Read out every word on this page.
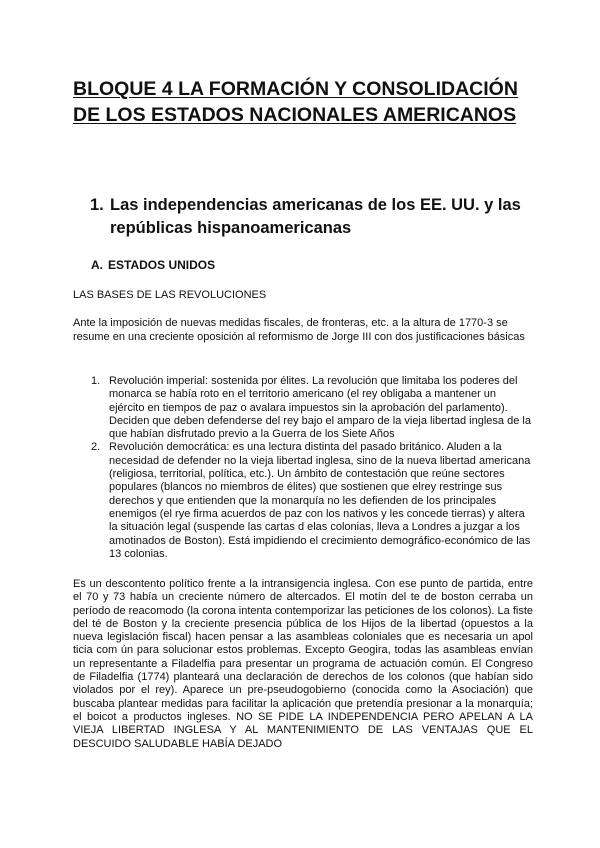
BLOQUE 4 LA FORMACIÓN Y CONSOLIDACIÓN DE LOS ESTADOS NACIONALES AMERICANOS
1. Las independencias americanas de los EE. UU. y las repúblicas hispanoamericanas
A. ESTADOS UNIDOS
LAS BASES DE LAS REVOLUCIONES

Ante la imposición de nuevas medidas fiscales, de fronteras, etc. a la altura de 1770-3 se resume en una creciente oposición al reformismo de Jorge III con dos justificaciones básicas

1. Revolución imperial: sostenida por élites. La revolución que limitaba los poderes del monarca se había roto en el territorio americano (el rey obligaba a mantener un ejército en tiempos de paz o avalara impuestos sin la aprobación del parlamento). Deciden que deben defenderse del rey bajo el amparo de la vieja libertad inglesa de la que habían disfrutado previo a la Guerra de los Siete Años
2. Revolución democrática: es una lectura distinta del pasado británico. Aluden a la necesidad de defender no la vieja libertad inglesa, sino de la nueva libertad americana (religiosa, territorial, política, etc.). Un ámbito de contestación que reúne sectores populares (blancos no miembros de élites) que sostienen que elrey restringe sus derechos y que entienden que la monarquía no les defienden de los principales enemigos (el rye firma acuerdos de paz con los nativos y les concede tierras) y altera la situación legal (suspende las cartas d elas colonias, lleva a Londres a juzgar a los amotinados de Boston). Está impidiendo el crecimiento demográfico-económico de las 13 colonias.

Es un descontento político frente a la intransigencia inglesa. Con ese punto de partida, entre el 70 y 73 había un creciente número de altercados. El motín del te de boston cerraba un período de reacomodo (la corona intenta contemporizar las peticiones de los colonos). La fiste del té de Boston y la creciente presencia pública de los Hijos de la libertad (opuestos a la nueva legislación fiscal) hacen pensar a las asambleas coloniales que es necesaria un apol ticia com ún para solucionar estos problemas. Excepto Geogira, todas las asambleas envían un representante a Filadelfia para presentar un programa de actuación común. El Congreso de Filadelfia (1774) planteará una declaración de derechos de los colonos (que habían sido violados por el rey). Aparece un pre-pseudogobierno (conocida como la Asociación) que buscaba plantear medidas para facilitar la aplicación que pretendía presionar a la monarquía; el boicot a productos ingleses. NO SE PIDE LA INDEPENDENCIA PERO APELAN A LA VIEJA LIBERTAD INGLESA Y AL MANTENIMIENTO DE LAS VENTAJAS QUE EL DESCUIDO SALUDABLE HABÍA DEJADO
